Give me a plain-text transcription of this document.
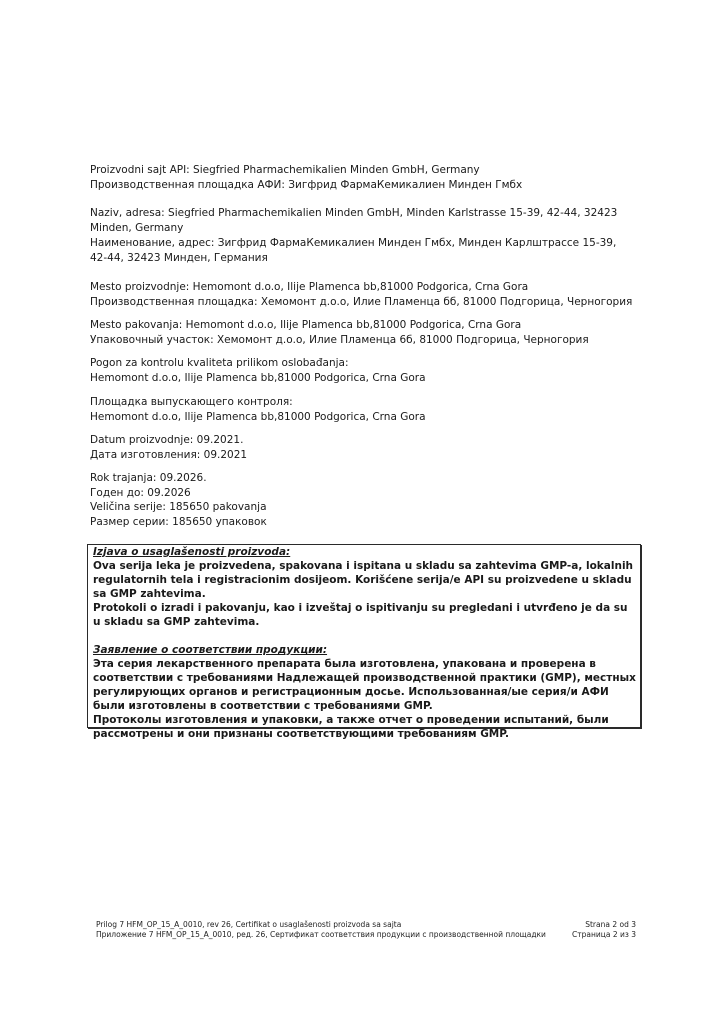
Proizvodni sajt API: Siegfried Pharmachemikalien Minden GmbH, Germany
Производственная площадка АФИ: Зигфрид ФармаКемикалиен Минден Гмбх
Naziv, adresa: Siegfried Pharmachemikalien Minden GmbH, Minden Karlstrasse 15-39, 42-44, 32423
Minden, Germany
Наименование, адрес: Зигфрид ФармаКемикалиен Минден Гмбх, Минден Карлштрассе 15-39,
42-44, 32423 Минден, Германия
Mesto proizvodnje: Hemomont d.o.o, Ilije Plamenca bb,81000 Podgorica, Crna Gora
Производственная площадка: Хемомонт д.о.о, Илие Пламенца бб, 81000 Подгорица, Черногория
Mesto pakovanja: Hemomont d.o.o, Ilije Plamenca bb,81000 Podgorica, Crna Gora
Упаковочный участок: Хемомонт д.о.о, Илие Пламенца 6б, 81000 Подгорица, Черногория
Pogon za kontrolu kvaliteta prilikom oslobađanja:
Hemomont d.o.o, Ilije Plamenca bb,81000 Podgorica, Crna Gora
Площадка выпускающего контроля:
Hemomont d.o.o, Ilije Plamenca bb,81000 Podgorica, Crna Gora
Datum proizvodnje: 09.2021.
Дата изготовления: 09.2021
Rok trajanja: 09.2026.
Годен до: 09.2026
Veličina serije: 185650 pakovanja
Размер серии: 185650 упаковок
Izjava o usaglašenosti proizvoda:
Ova serija leka je proizvedena, spakovana i ispitana u skladu sa zahtevima GMP-a, lokalnih
regulatornih tela i registracionim dosijeom. Korišćene serija/e API su proizvedene u skladu
sa GMP zahtevima.
Protokoli o izradi i pakovanju, kao i izveštaj o ispitivanju su pregledani i utvrđeno je da su
u skladu sa GMP zahtevima.
Заявление о соответствии продукции:
Эта серия лекарственного препарата была изготовлена, упакована и проверена в
соответствии с требованиями Надлежащей производственной практики (GMP), местных
регулирующих органов и регистрационным досье. Использованная/ые серия/и АФИ
были изготовлены в соответствии с требованиями GMP.
Протоколы изготовления и упаковки, а также отчет о проведении испытаний, были
рассмотрены и они признаны соответствующими требованиям GMP.
Prilog 7 HFM_OP_15_A_0010, rev 26, Certifikat o usaglašenosti proizvoda sa sajta	Strana 2 od 3
Приложение 7 HFM_OP_15_A_0010, ред. 26, Сертификат соответствия продукции с производственной площадки	Страница 2 из 3
